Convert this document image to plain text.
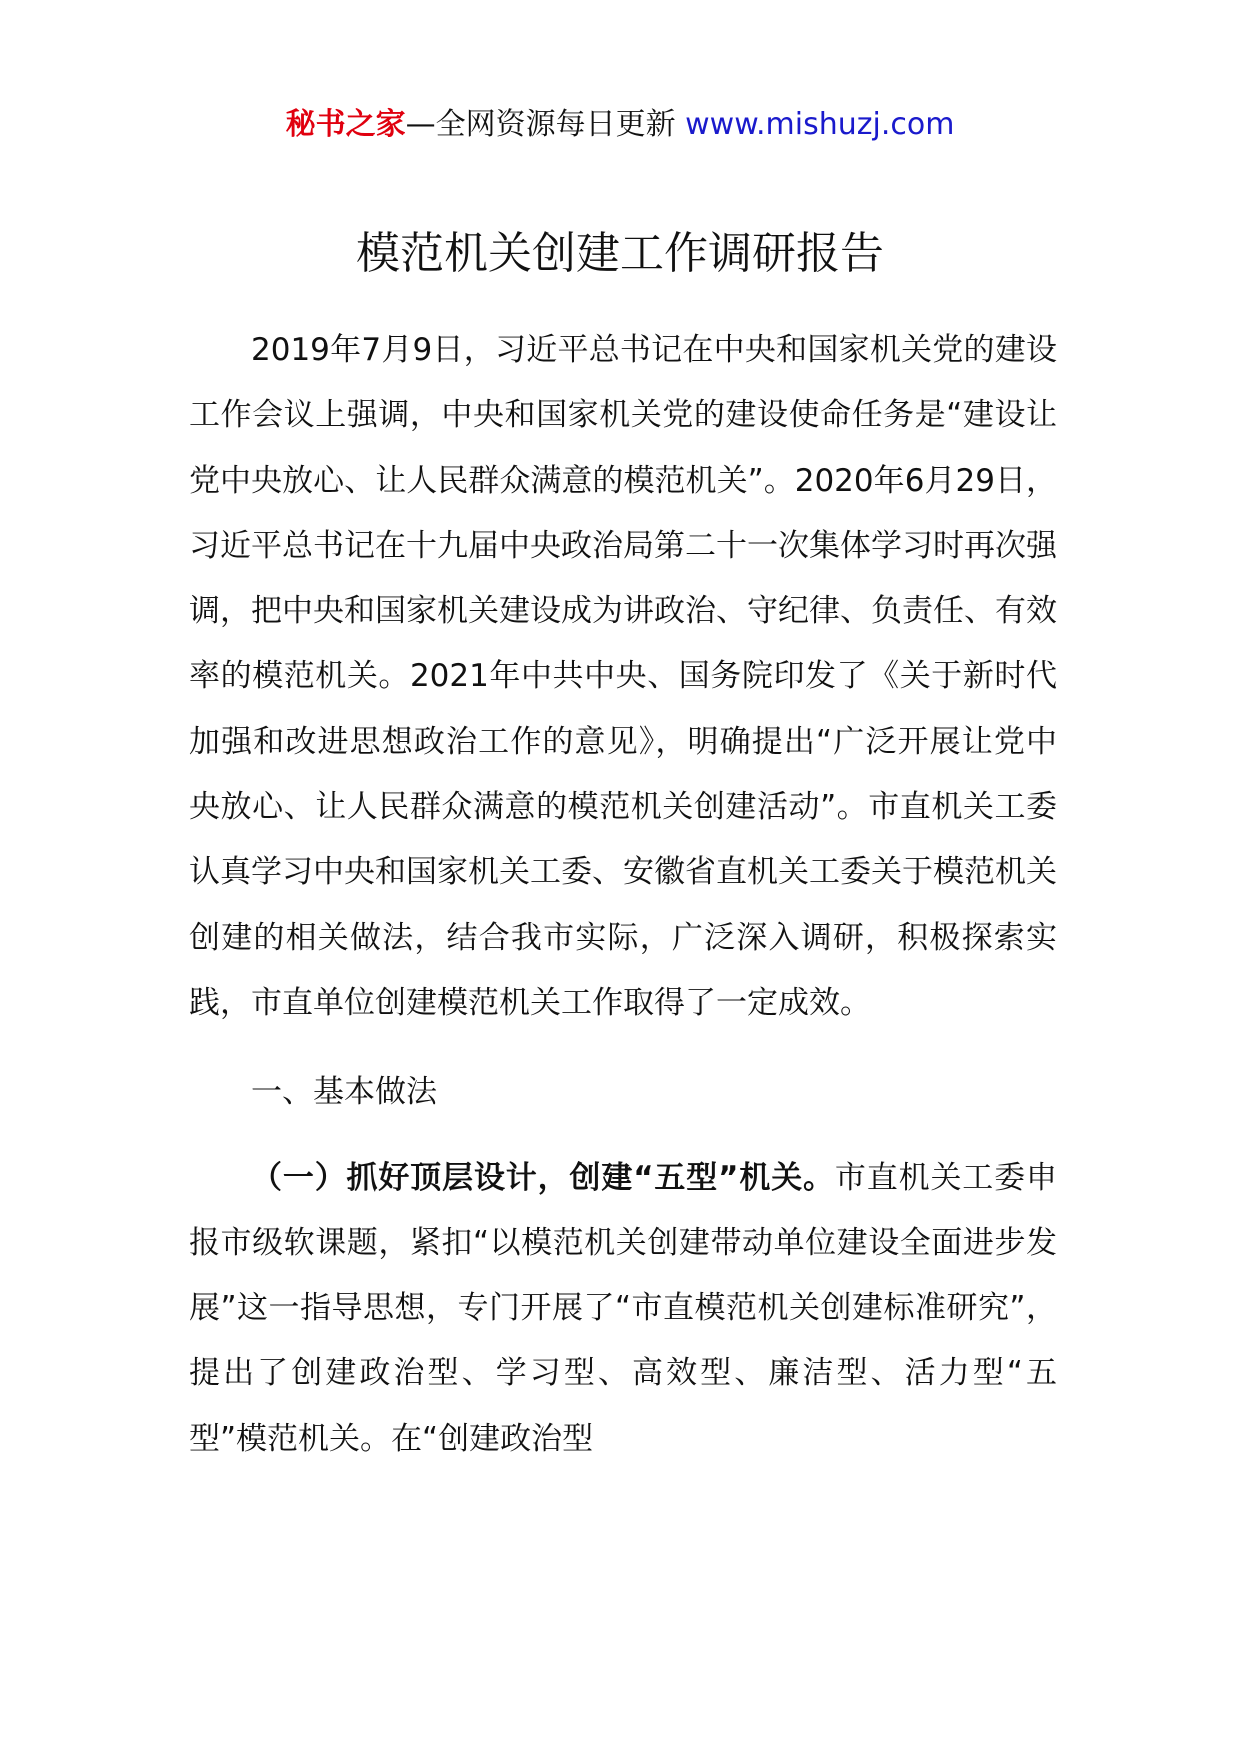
秘书之家—全网资源每日更新 www.mishuzj.com
模范机关创建工作调研报告

2019年7月9日，习近平总书记在中央和国家机关党的建设工作会议上强调，中央和国家机关党的建设使命任务是“建设让党中央放心、让人民群众满意的模范机关”。2020年6月29日，习近平总书记在十九届中央政治局第二十一次集体学习时再次强调，把中央和国家机关建设成为讲政治、守纪律、负责任、有效率的模范机关。2021年中共中央、国务院印发了《关于新时代加强和改进思想政治工作的意见》，明确提出“广泛开展让党中央放心、让人民群众满意的模范机关创建活动”。市直机关工委认真学习中央和国家机关工委、安徽省直机关工委关于模范机关创建的相关做法，结合我市实际，广泛深入调研，积极探索实践，市直单位创建模范机关工作取得了一定成效。

一、基本做法

（一）抓好顶层设计，创建“五型”机关。市直机关工委申报市级软课题，紧扣“以模范机关创建带动单位建设全面进步发展”这一指导思想，专门开展了“市直模范机关创建标准研究”，提出了创建政治型、学习型、高效型、廉洁型、活力型“五型”模范机关。在“创建政治型
